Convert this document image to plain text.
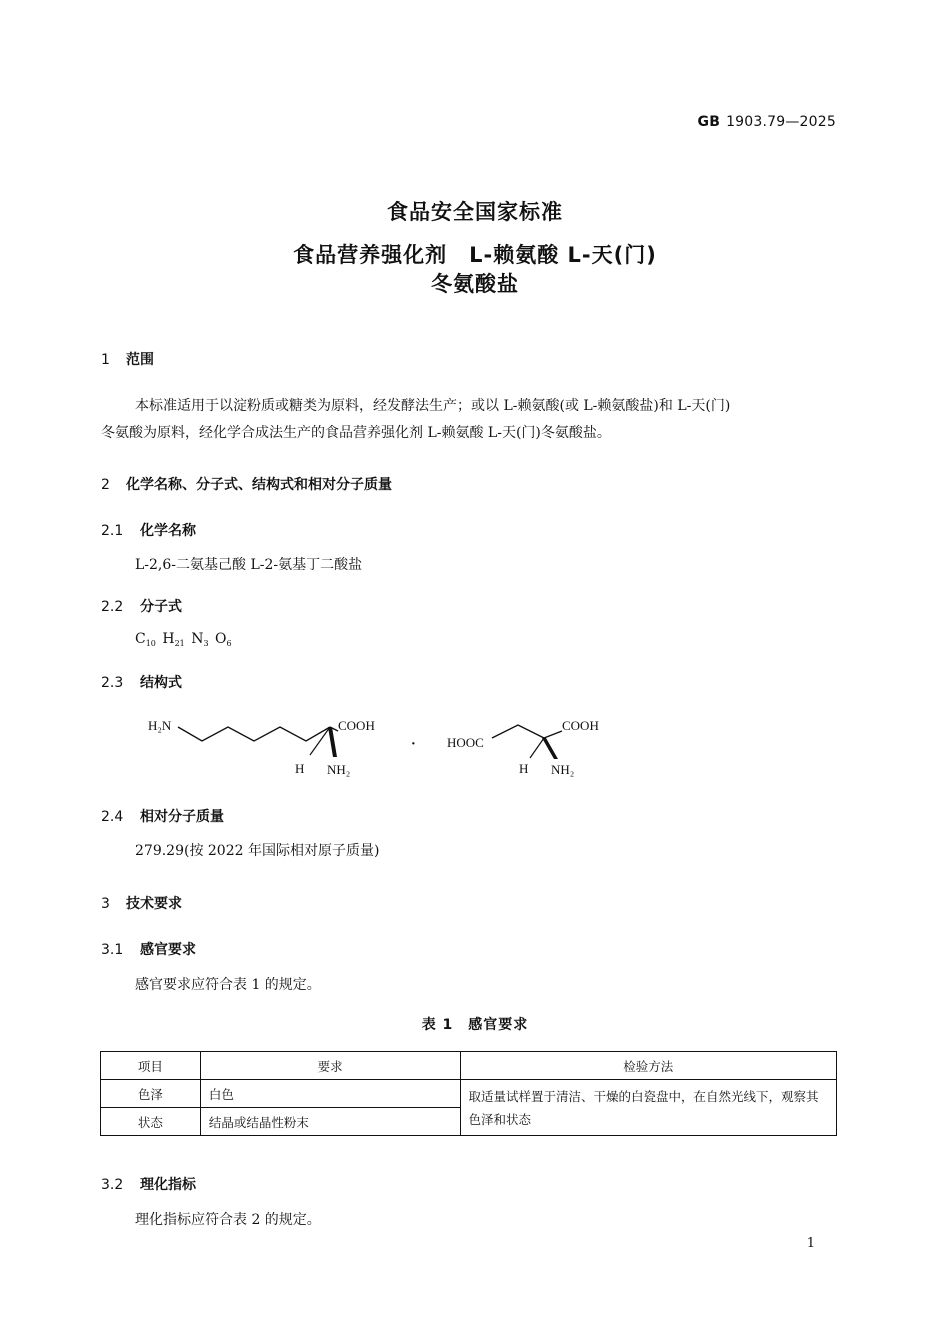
GB 1903.79—2025
食品安全国家标准
食品营养强化剂　L-赖氨酸 L-天(门)
冬氨酸盐
1 范围
本标准适用于以淀粉质或糖类为原料，经发酵法生产；或以 L-赖氨酸(或 L-赖氨酸盐)和 L-天(门)
冬氨酸为原料，经化学合成法生产的食品营养强化剂 L-赖氨酸 L-天(门)冬氨酸盐。
2 化学名称、分子式、结构式和相对分子质量
2.1 化学名称
L-2,6-二氨基己酸 L-2-氨基丁二酸盐
2.2 分子式
$C_{10}$ $H_{21}$ $N_3$ $O_6$
2.3 结构式
H₂N	COOH
H NH₂
· HOOC
COOH
H NH₂
2.4 相对分子质量
279.29(按 2022 年国际相对原子质量)
3 技术要求
3.1 感官要求
感官要求应符合表 1 的规定。
表 1　感官要求
项目	要求	检验方法
色泽	白色	取适量试样置于清洁、干燥的白瓷盘中，在自然光线下，观察其色泽和状态
状态	结晶或结晶性粉末	
3.2 理化指标
理化指标应符合表 2 的规定。
1
